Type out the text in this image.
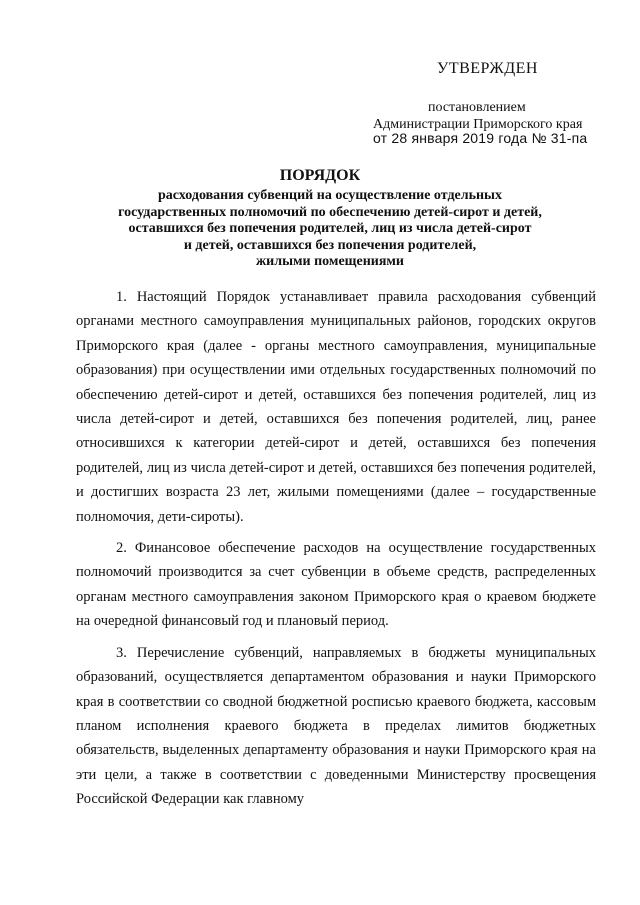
УТВЕРЖДЕН
постановлением
Администрации Приморского края
от 28 января 2019 года № 31-па
ПОРЯДОК
расходования субвенций на осуществление отдельных
государственных полномочий по обеспечению детей-сирот и детей,
оставшихся без попечения родителей, лиц из числа детей-сирот
и детей, оставшихся без попечения родителей,
жилыми помещениями

1. Настоящий Порядок устанавливает правила расходования субвенций органами местного самоуправления муниципальных районов, городских округов Приморского края (далее - органы местного самоуправления, муниципальные образования) при осуществлении ими отдельных государственных полномочий по обеспечению детей-сирот и детей, оставшихся без попечения родителей, лиц из числа детей-сирот и детей, оставшихся без попечения родителей, лиц, ранее относившихся к категории детей-сирот и детей, оставшихся без попечения родителей, лиц из числа детей-сирот и детей, оставшихся без попечения родителей, и достигших возраста 23 лет, жилыми помещениями (далее – государственные полномочия, дети-сироты).

2. Финансовое обеспечение расходов на осуществление государственных полномочий производится за счет субвенции в объеме средств, распределенных органам местного самоуправления законом Приморского края о краевом бюджете на очередной финансовый год и плановый период.

3. Перечисление субвенций, направляемых в бюджеты муниципальных образований, осуществляется департаментом образования и науки Приморского края в соответствии со сводной бюджетной росписью краевого бюджета, кассовым планом исполнения краевого бюджета в пределах лимитов бюджетных обязательств, выделенных департаменту образования и науки Приморского края на эти цели, а также в соответствии с доведенными Министерству просвещения Российской Федерации как главному
